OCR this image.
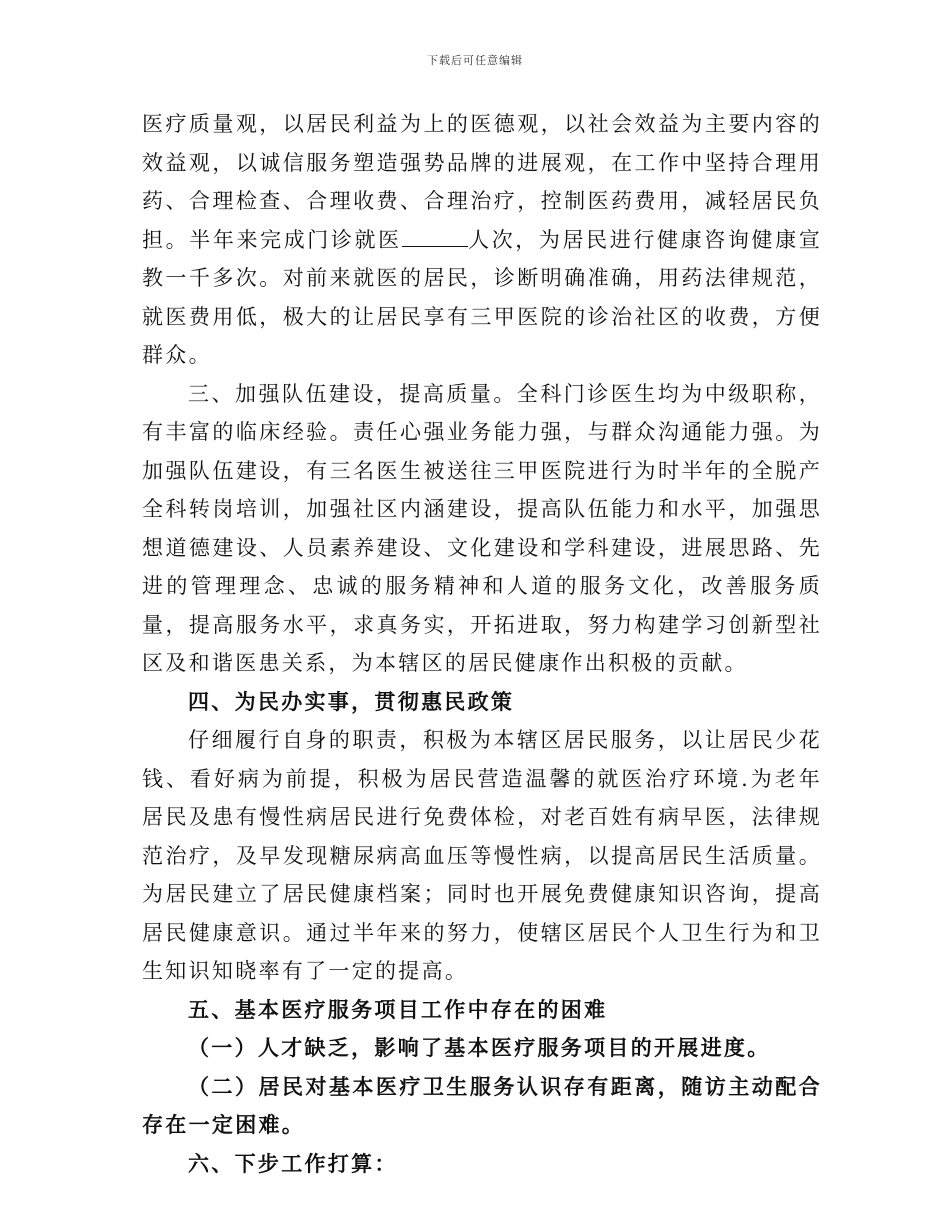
下载后可任意编辑

医疗质量观，以居民利益为上的医德观，以社会效益为主要内容的效益观，以诚信服务塑造强势品牌的进展观，在工作中坚持合理用药、合理检查、合理收费、合理治疗，控制医药费用，减轻居民负担。半年来完成门诊就医	人次，为居民进行健康咨询健康宣教一千多次。对前来就医的居民，诊断明确准确，用药法律规范，就医费用低，极大的让居民享有三甲医院的诊治社区的收费，方便群众。

三、加强队伍建设，提高质量。全科门诊医生均为中级职称，有丰富的临床经验。责任心强业务能力强，与群众沟通能力强。为加强队伍建设，有三名医生被送往三甲医院进行为时半年的全脱产全科转岗培训，加强社区内涵建设，提高队伍能力和水平，加强思想道德建设、人员素养建设、文化建设和学科建设，进展思路、先进的管理理念、忠诚的服务精神和人道的服务文化，改善服务质量，提高服务水平，求真务实，开拓进取，努力构建学习创新型社区及和谐医患关系，为本辖区的居民健康作出积极的贡献。

四、为民办实事，贯彻惠民政策

仔细履行自身的职责，积极为本辖区居民服务，以让居民少花钱、看好病为前提，积极为居民营造温馨的就医治疗环境.为老年居民及患有慢性病居民进行免费体检，对老百姓有病早医，法律规范治疗，及早发现糖尿病高血压等慢性病，以提高居民生活质量。为居民建立了居民健康档案；同时也开展免费健康知识咨询，提高居民健康意识。通过半年来的努力，使辖区居民个人卫生行为和卫生知识知晓率有了一定的提高。

五、基本医疗服务项目工作中存在的困难

（一）人才缺乏，影响了基本医疗服务项目的开展进度。

（二）居民对基本医疗卫生服务认识存有距离，随访主动配合存在一定困难。

六、下步工作打算：
